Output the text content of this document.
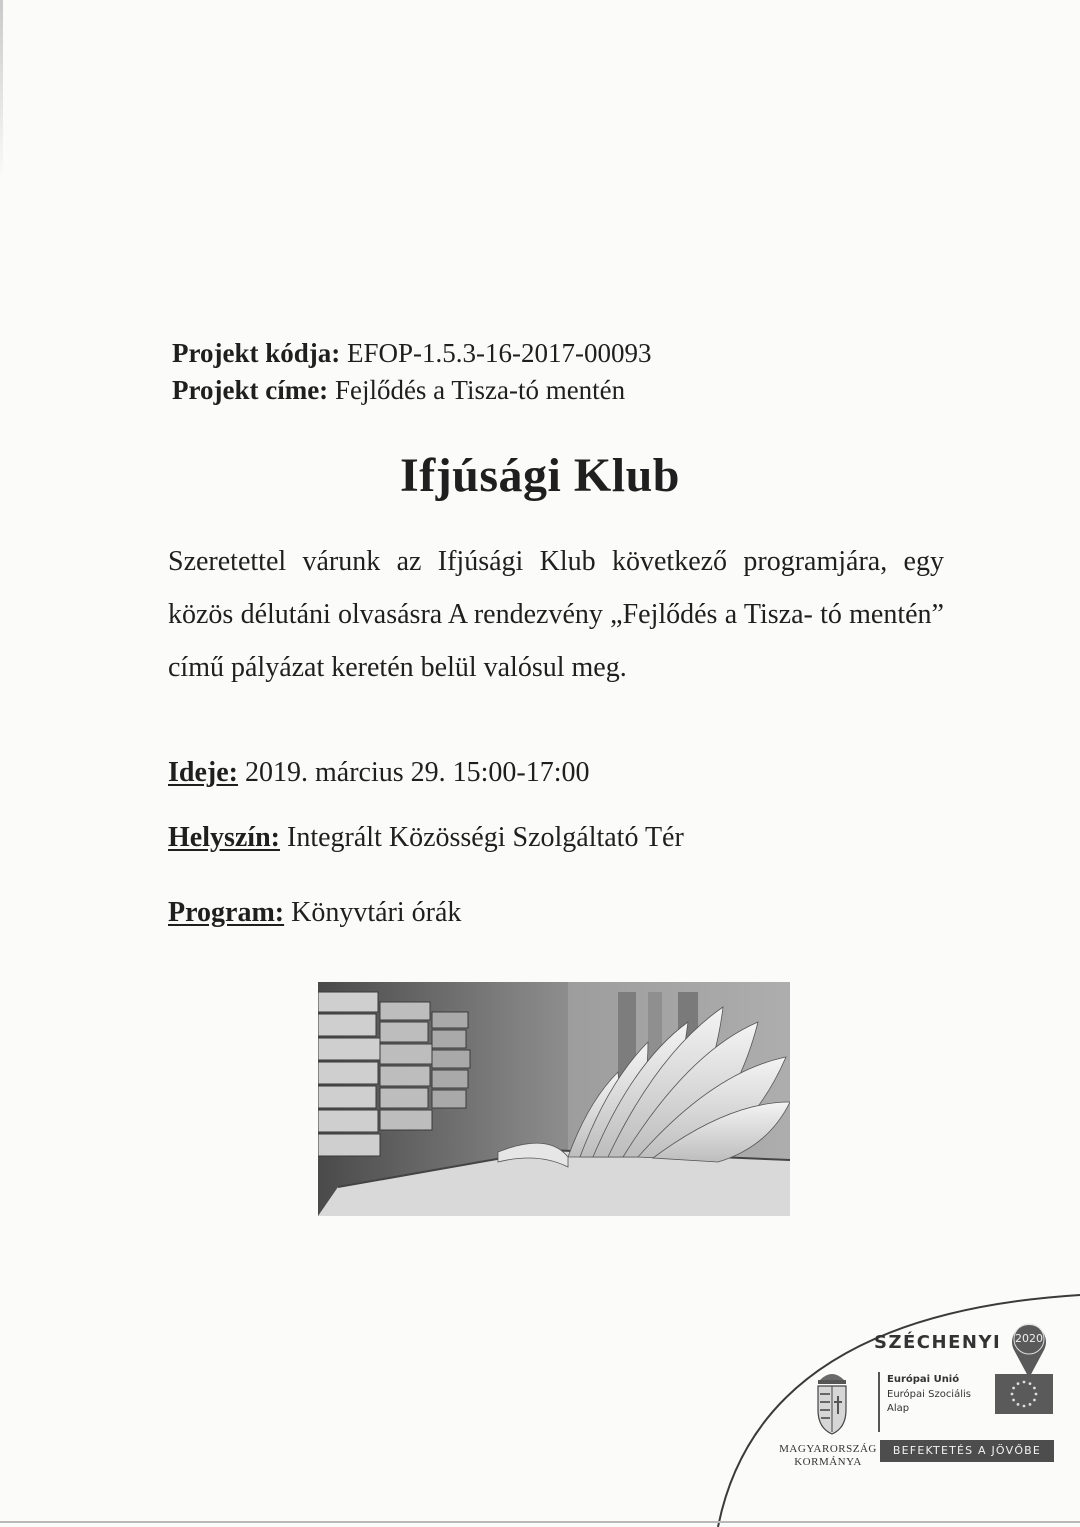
Projekt kódja: EFOP-1.5.3-16-2017-00093
Projekt címe: Fejlődés a Tisza-tó mentén
Ifjúsági Klub
Szeretettel várunk az Ifjúsági Klub következő programjára, egy közös délutáni olvasásra A rendezvény „Fejlődés a Tisza- tó mentén” című pályázat keretén belül valósul meg.
Ideje: 2019. március 29. 15:00-17:00
Helyszín: Integrált Közösségi Szolgáltató Tér
Program: Könyvtári órák
SZÉCHENYI 2020
MAGYARORSZÁG
KORMÁNYA
Európai Unió
Európai Szociális
Alap
BEFEKTETÉS A JÖVŐBE
